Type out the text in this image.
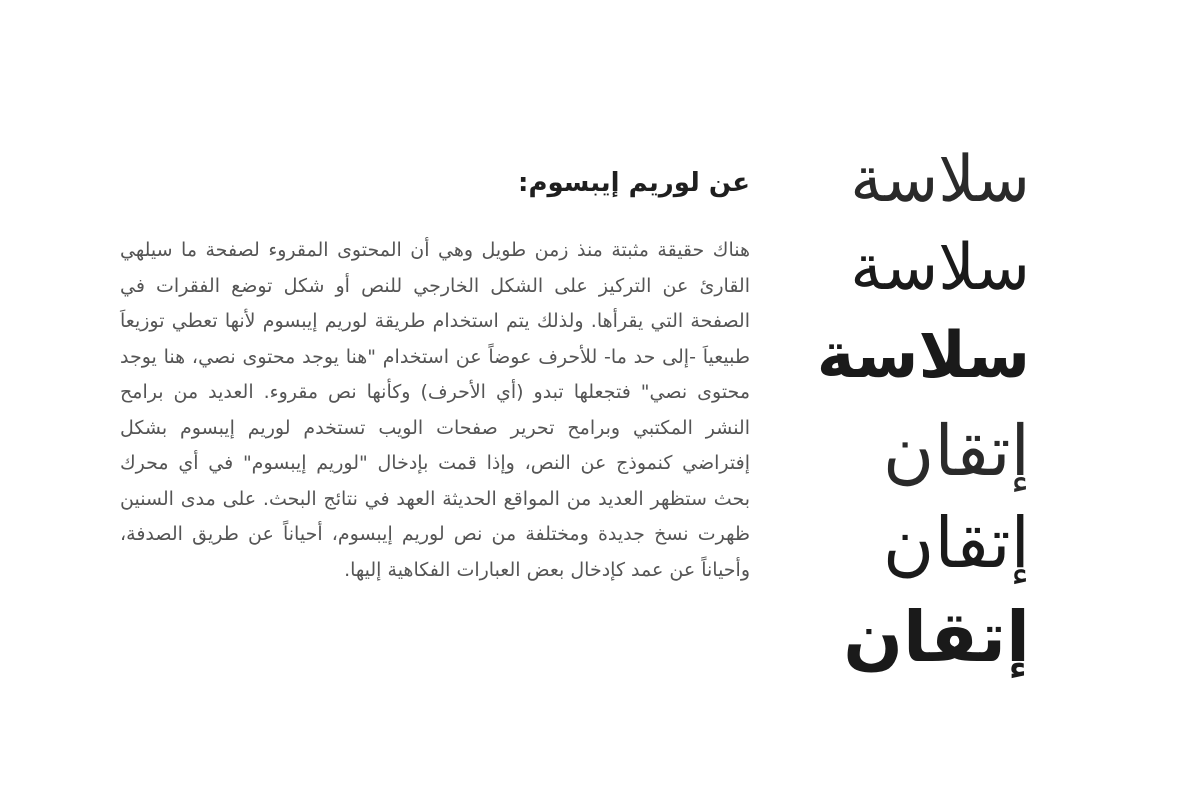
سلاسة
سلاسة
سلاسة
إتقان
إتقان
إتقان
عن لوريم إيبسوم:

هناك حقيقة مثبتة منذ زمن طويل وهي أن المحتوى المقروء لصفحة ما سيلهي القارئ عن التركيز على الشكل الخارجي للنص أو شكل توضع الفقرات في الصفحة التي يقرأها. ولذلك يتم استخدام طريقة لوريم إيبسوم لأنها تعطي توزيعاَ طبيعياَ -إلى حد ما- للأحرف عوضاً عن استخدام "هنا يوجد محتوى نصي، هنا يوجد محتوى نصي" فتجعلها تبدو (أي الأحرف) وكأنها نص مقروء. العديد من برامح النشر المكتبي وبرامح تحرير صفحات الويب تستخدم لوريم إيبسوم بشكل إفتراضي كنموذج عن النص، وإذا قمت بإدخال "لوريم إيبسوم" في أي محرك بحث ستظهر العديد من المواقع الحديثة العهد في نتائج البحث. على مدى السنين ظهرت نسخ جديدة ومختلفة من نص لوريم إيبسوم، أحياناً عن طريق الصدفة، وأحياناً عن عمد كإدخال بعض العبارات الفكاهية إليها.
